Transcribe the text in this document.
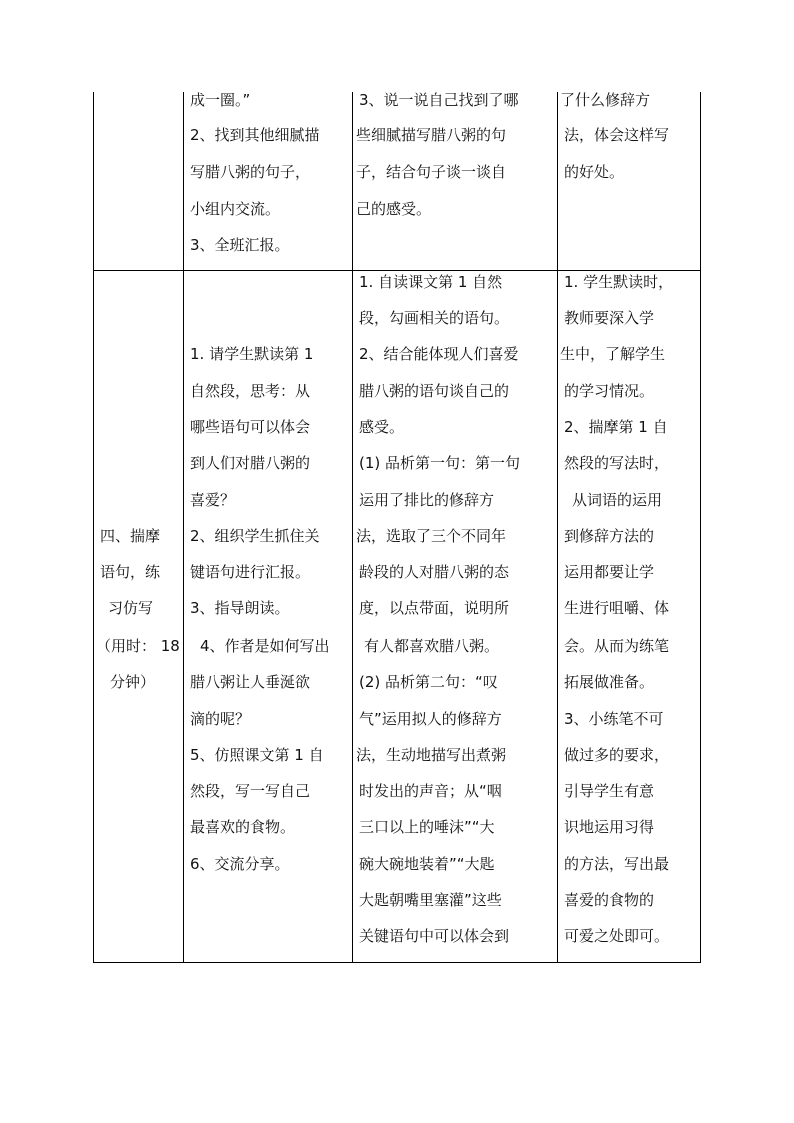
成一圈。”
2、找到其他细腻描
写腊八粥的句子，
小组内交流。
3、全班汇报。
3、说一说自己找到了哪
些细腻描写腊八粥的句
子，结合句子谈一谈自
己的感受。
了什么修辞方
法，体会这样写
的好处。
四、揣摩
语句，练
习仿写
（用时： 18
分钟）
1. 请学生默读第 1
自然段，思考：从
哪些语句可以体会
到人们对腊八粥的
喜爱？
2、组织学生抓住关
键语句进行汇报。
3、指导朗读。
4、作者是如何写出
腊八粥让人垂涎欲
滴的呢？
5、仿照课文第 1 自
然段，写一写自己
最喜欢的食物。
6、交流分享。
1. 自读课文第 1 自然
段，勾画相关的语句。
2、结合能体现人们喜爱
腊八粥的语句谈自己的
感受。
(1) 品析第一句：第一句
运用了排比的修辞方
法，选取了三个不同年
龄段的人对腊八粥的态
度，以点带面，说明所
有人都喜欢腊八粥。
(2) 品析第二句：“叹
气”运用拟人的修辞方
法，生动地描写出煮粥
时发出的声音；从“咽
三口以上的唾沫”“大
碗大碗地装着”“大匙
大匙朝嘴里塞灌”这些
关键语句中可以体会到
1. 学生默读时，
教师要深入学
生中，了解学生
的学习情况。
2、揣摩第 1 自
然段的写法时，
从词语的运用
到修辞方法的
运用都要让学
生进行咀嚼、体
会。从而为练笔
拓展做准备。
3、小练笔不可
做过多的要求，
引导学生有意
识地运用习得
的方法，写出最
喜爱的食物的
可爱之处即可。
